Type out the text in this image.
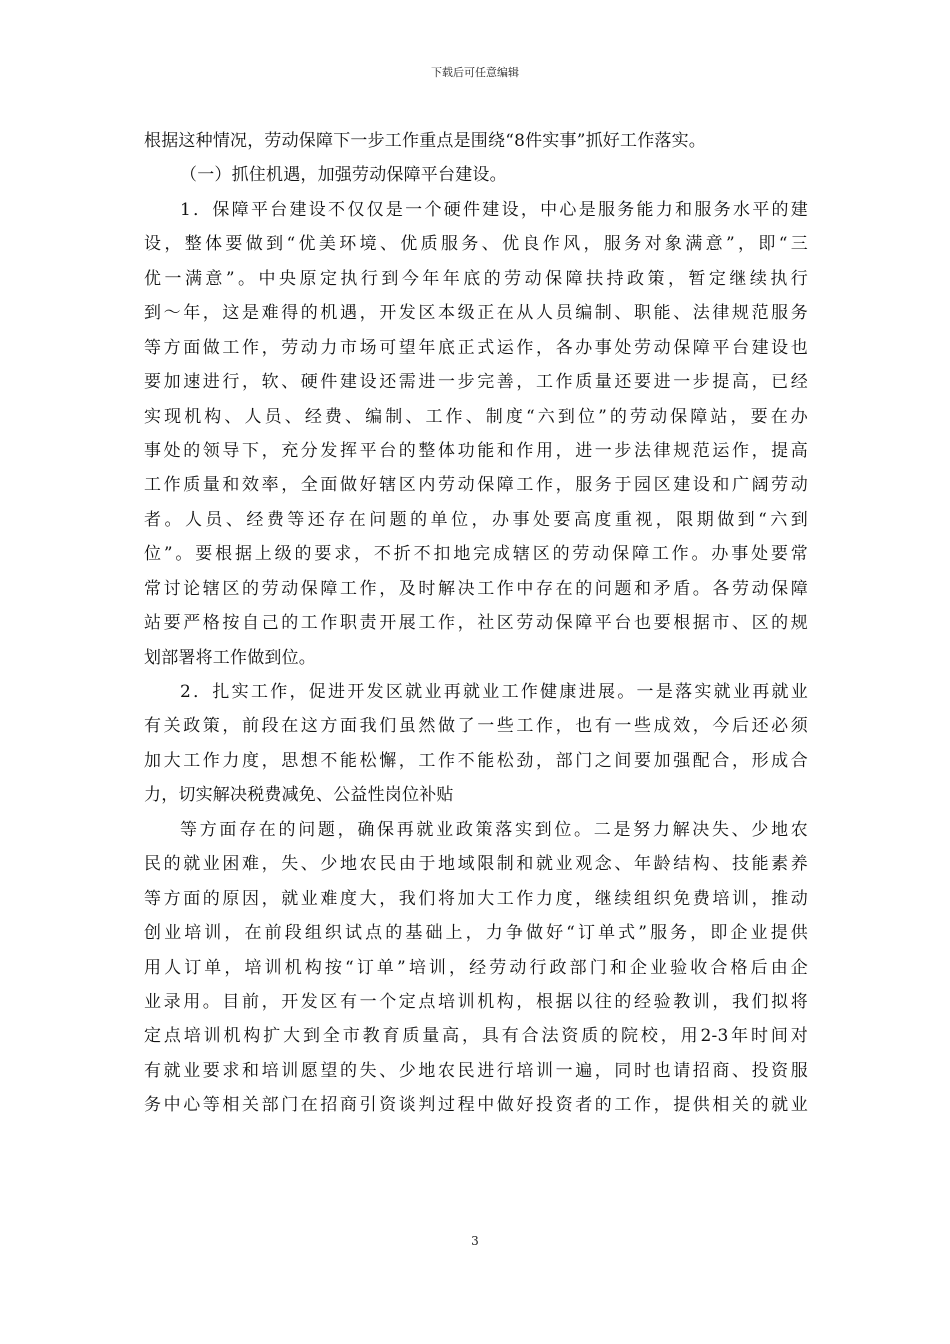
下载后可任意编辑
根据这种情况，劳动保障下一步工作重点是围绕“8件实事”抓好工作落实。
（一）抓住机遇，加强劳动保障平台建设。
1．保障平台建设不仅仅是一个硬件建设，中心是服务能力和服务水平的建
设，整体要做到“优美环境、优质服务、优良作风，服务对象满意”，即“三
优一满意”。中央原定执行到今年年底的劳动保障扶持政策，暂定继续执行
到～年，这是难得的机遇，开发区本级正在从人员编制、职能、法律规范服务
等方面做工作，劳动力市场可望年底正式运作，各办事处劳动保障平台建设也
要加速进行，软、硬件建设还需进一步完善，工作质量还要进一步提高，已经
实现机构、人员、经费、编制、工作、制度“六到位”的劳动保障站，要在办
事处的领导下，充分发挥平台的整体功能和作用，进一步法律规范运作，提高
工作质量和效率，全面做好辖区内劳动保障工作，服务于园区建设和广阔劳动
者。人员、经费等还存在问题的单位，办事处要高度重视，限期做到“六到
位”。要根据上级的要求，不折不扣地完成辖区的劳动保障工作。办事处要常
常讨论辖区的劳动保障工作，及时解决工作中存在的问题和矛盾。各劳动保障
站要严格按自己的工作职责开展工作，社区劳动保障平台也要根据市、区的规
划部署将工作做到位。
2．扎实工作，促进开发区就业再就业工作健康进展。一是落实就业再就业
有关政策，前段在这方面我们虽然做了一些工作，也有一些成效，今后还必须
加大工作力度，思想不能松懈，工作不能松劲，部门之间要加强配合，形成合
力，切实解决税费减免、公益性岗位补贴
等方面存在的问题，确保再就业政策落实到位。二是努力解决失、少地农
民的就业困难，失、少地农民由于地域限制和就业观念、年龄结构、技能素养
等方面的原因，就业难度大，我们将加大工作力度，继续组织免费培训，推动
创业培训，在前段组织试点的基础上，力争做好“订单式”服务，即企业提供
用人订单，培训机构按“订单”培训，经劳动行政部门和企业验收合格后由企
业录用。目前，开发区有一个定点培训机构，根据以往的经验教训，我们拟将
定点培训机构扩大到全市教育质量高，具有合法资质的院校，用2-3年时间对
有就业要求和培训愿望的失、少地农民进行培训一遍，同时也请招商、投资服
务中心等相关部门在招商引资谈判过程中做好投资者的工作，提供相关的就业
3
